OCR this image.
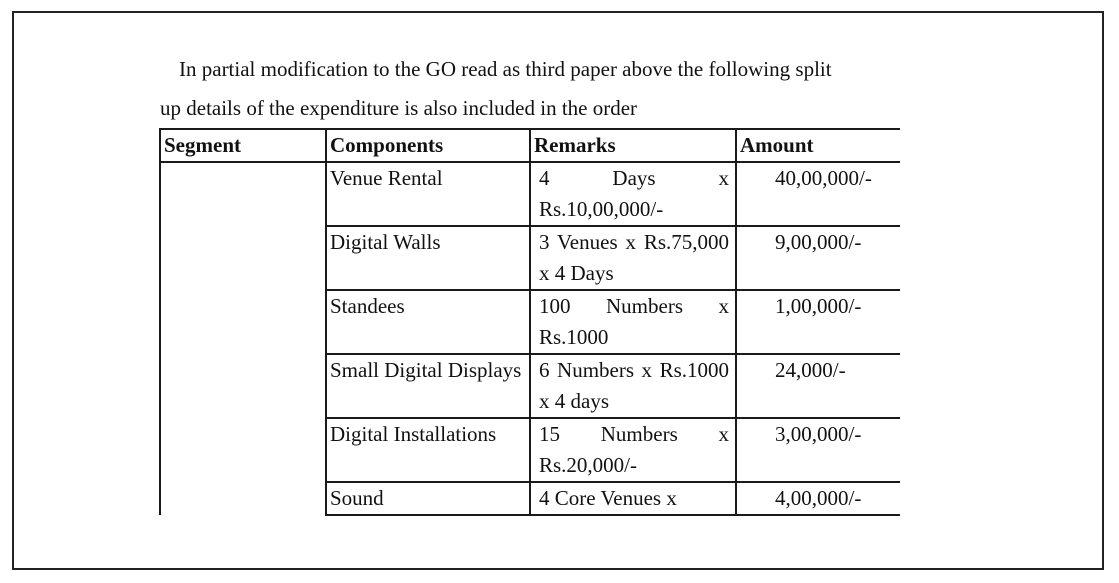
In partial modification to the GO read as third paper above the following split
up details of the expenditure is also included in the order
Segment	Components	Remarks	Amount
	Venue Rental	4 Days x Rs.10,00,000/-	40,00,000/-
	Digital Walls	3 Venues x Rs.75,000 x 4 Days	9,00,000/-
	Standees	100 Numbers x Rs.1000	1,00,000/-
	Small Digital Displays	6 Numbers x Rs.1000 x 4 days	24,000/-
	Digital Installations	15 Numbers x Rs.20,000/-	3,00,000/-
	Sound	4 Core Venues x	4,00,000/-
